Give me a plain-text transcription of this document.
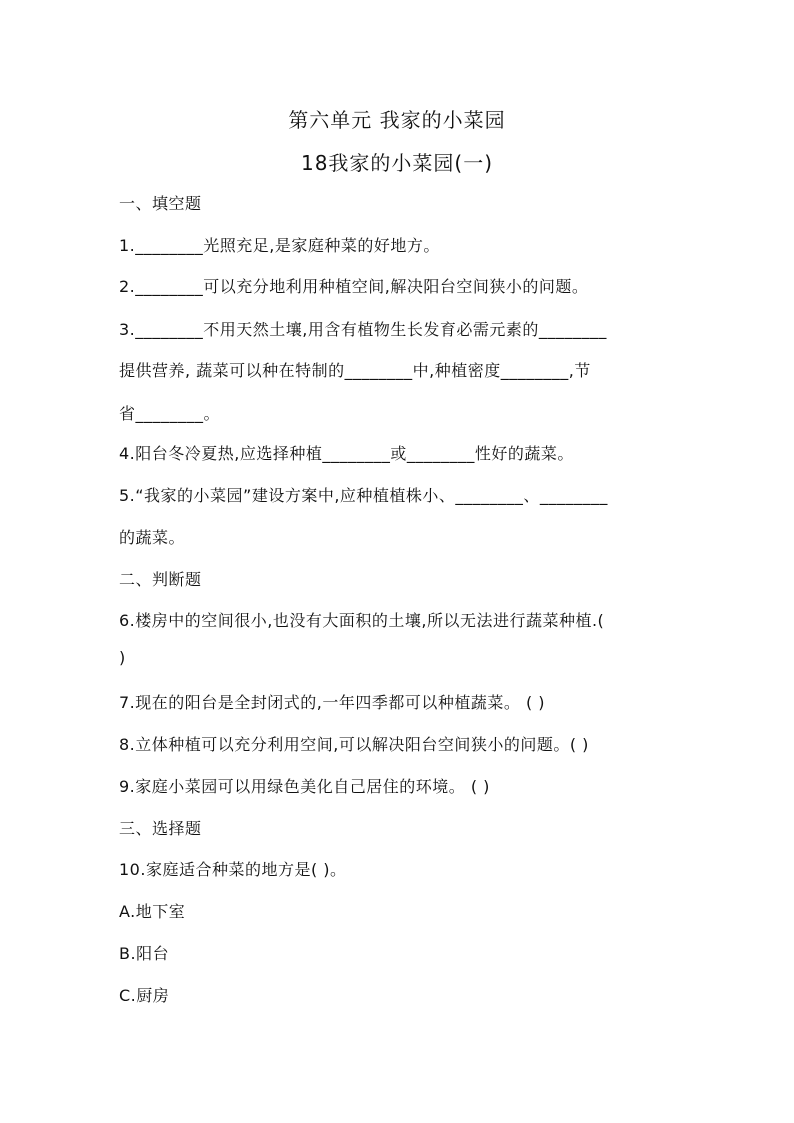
第六单元 我家的小菜园
18我家的小菜园(一)
一、填空题
1.________光照充足,是家庭种菜的好地方。
2.________可以充分地利用种植空间,解决阳台空间狭小的问题。
3.________不用天然土壤,用含有植物生长发育必需元素的________
提供营养, 蔬菜可以种在特制的________中,种植密度________,节
省________。
4.阳台冬冷夏热,应选择种植________或________性好的蔬菜。
5.“我家的小菜园”建设方案中,应种植植株小、________、________
的蔬菜。
二、判断题
6.楼房中的空间很小,也没有大面积的土壤,所以无法进行蔬菜种植.(
)
7.现在的阳台是全封闭式的,一年四季都可以种植蔬菜。 ( )
8.立体种植可以充分利用空间,可以解决阳台空间狭小的问题。( )
9.家庭小菜园可以用绿色美化自己居住的环境。 ( )
三、选择题
10.家庭适合种菜的地方是( )。
A.地下室
B.阳台
C.厨房
